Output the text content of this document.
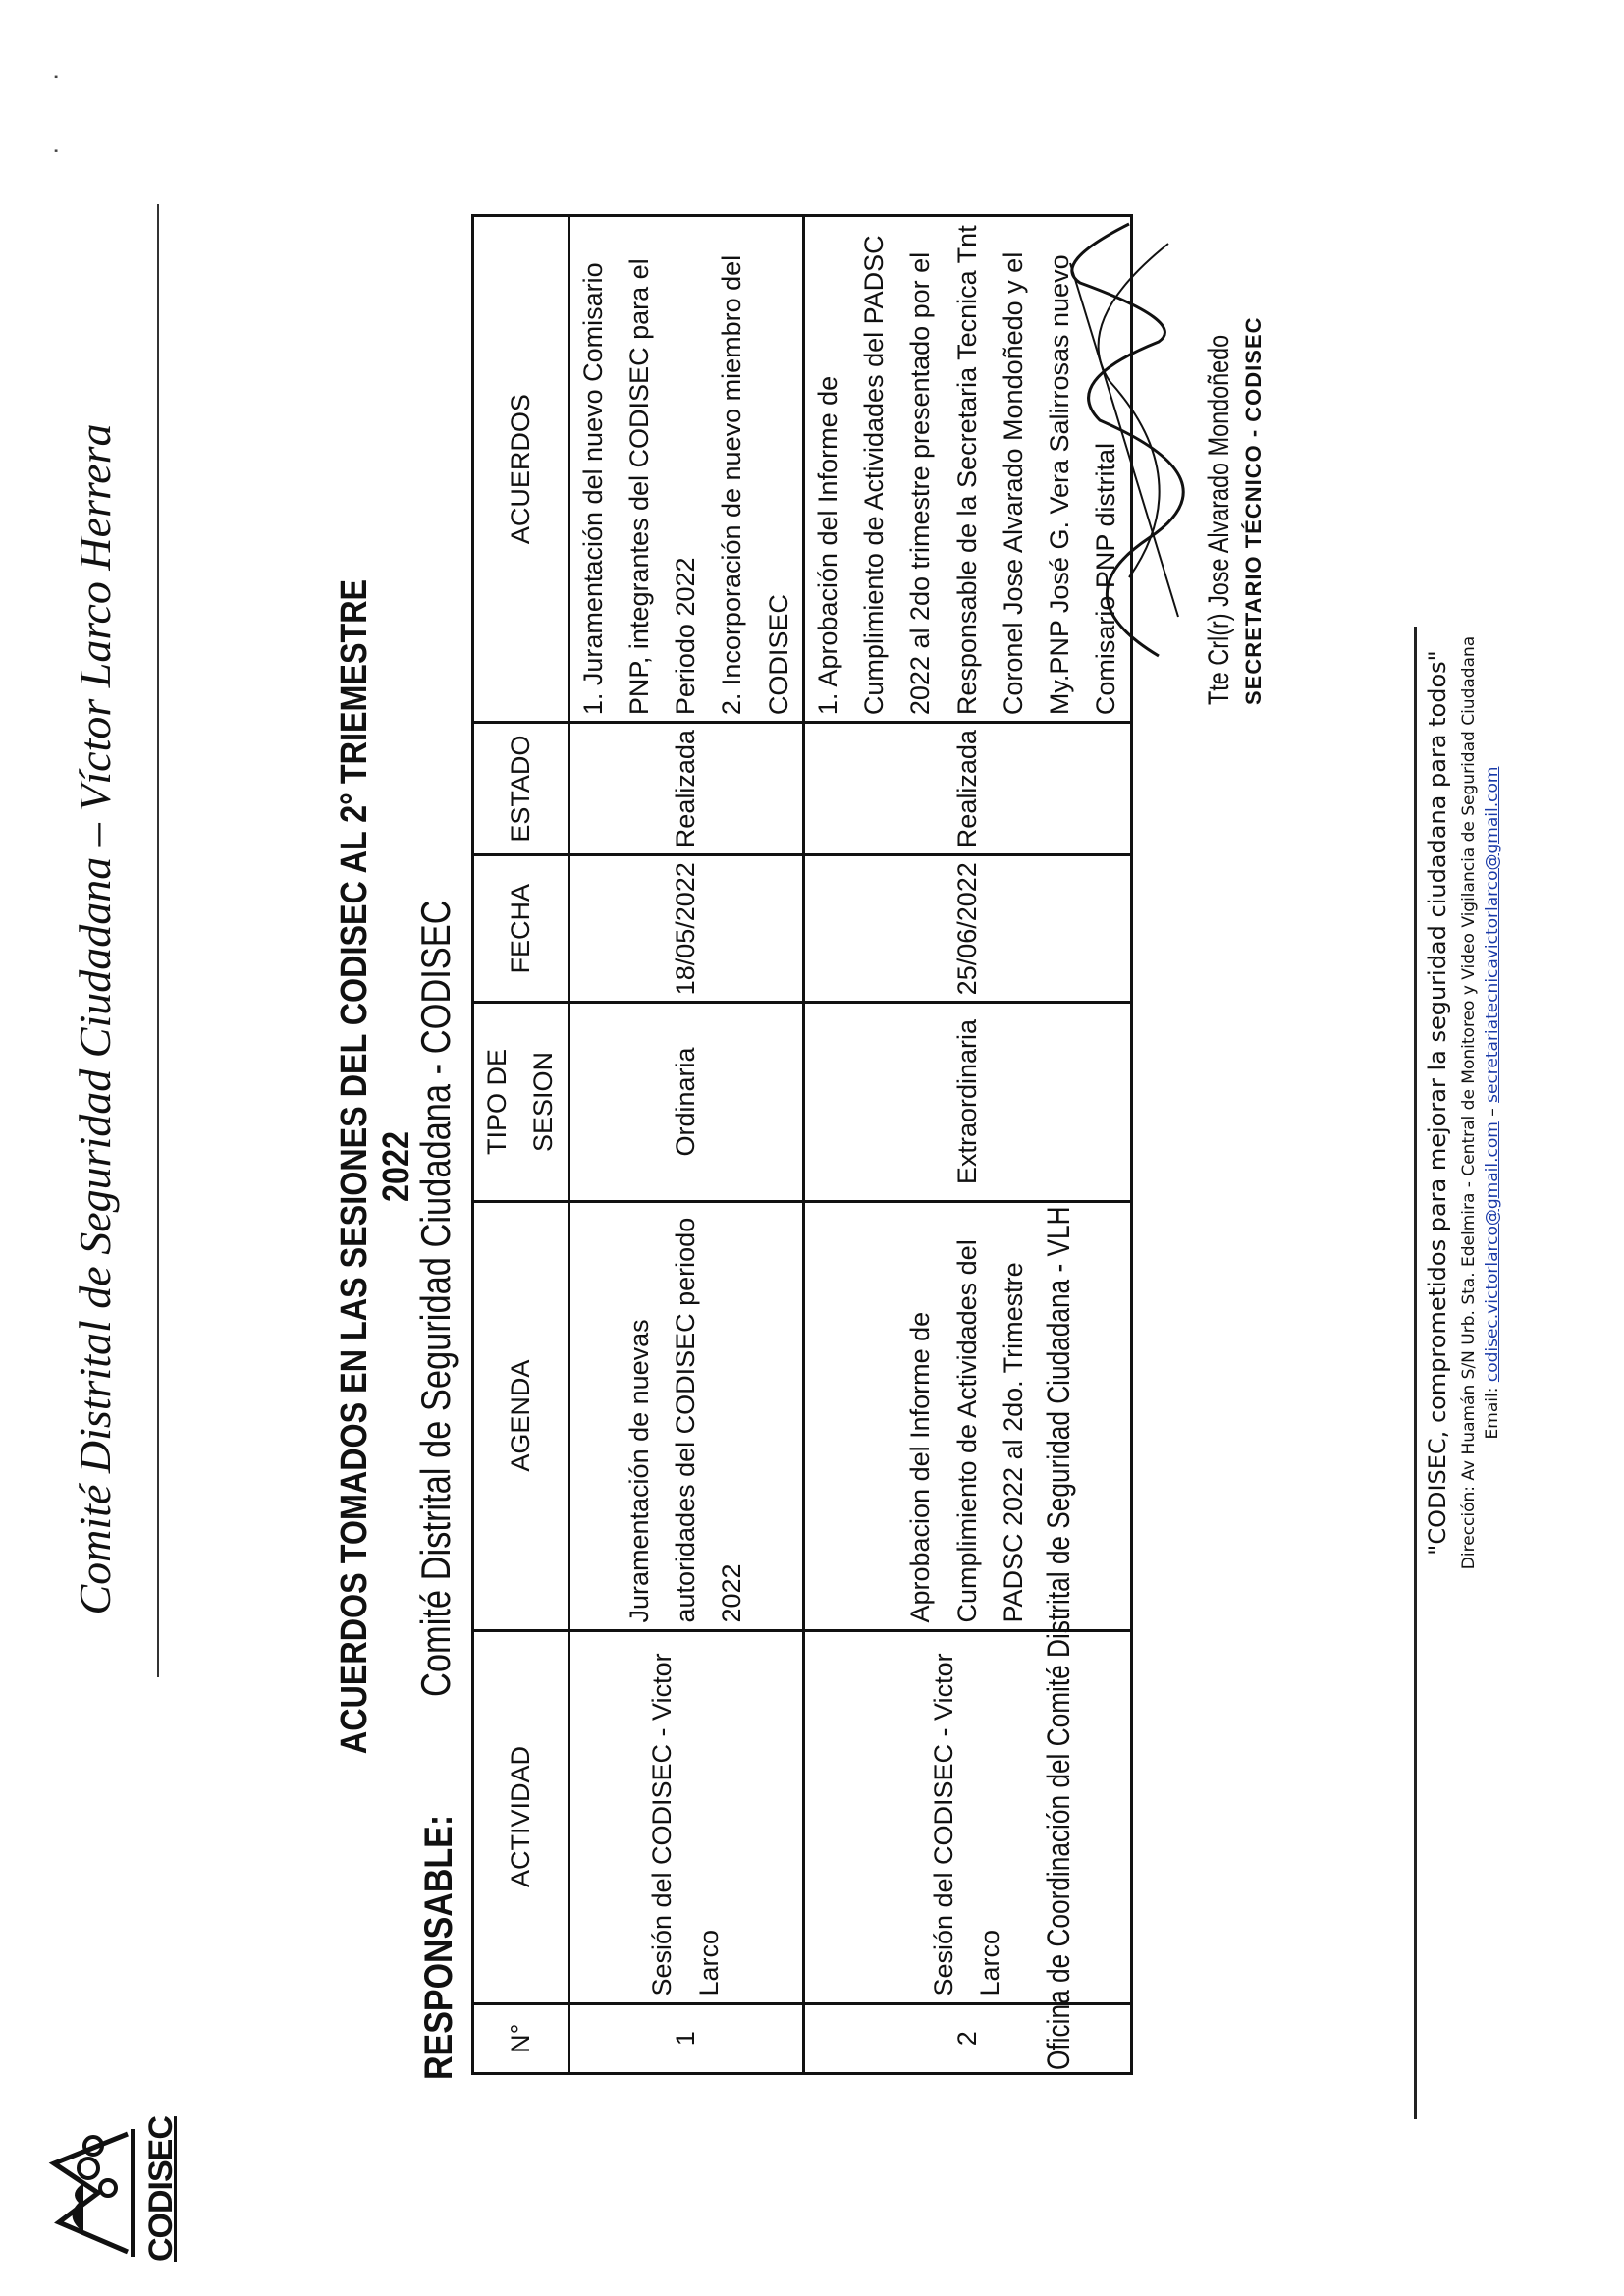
· ·
CODISEC
Comité Distrital de Seguridad Ciudadana – Víctor Larco Herrera	ACUERDOS TOMADOS EN LAS SESIONES DEL CODISEC AL 2° TRIEMESTRE 2022
RESPONSABLE:
Comité Distrital de Seguridad Ciudadana - CODISEC
N°	ACTIVIDAD	AGENDA	TIPO DE SESION	FECHA	ESTADO	ACUERDOS
1	Sesión del CODISEC - Victor Larco	Juramentación de nuevas autoridades del CODISEC periodo 2022	Ordinaria	18/05/2022	Realizada	1. Juramentación del nuevo Comisario PNP, integrantes del CODISEC para el Periodo 2022 2. Incorporación de nuevo miembro del CODISEC

2	Sesión del CODISEC - Victor Larco	Aprobacion del Informe de Cumplimiento de Actividades del PADSC 2022 al 2do. Trimestre	Extraordinaria	25/06/2022	Realizada	1. Aprobación del Informe de Cumplimiento de Actividades del PADSC 2022 al 2do trimestre presentado por el Responsable de la Secretaria Tecnica Tnt Coronel Jose Alvarado Mondoñedo y el My.PNP José G. Vera Salirrosas nuevo Comisario PNP distrital
Oficina de Coordinación del Comité Distrital de Seguridad Ciudadana - VLH
Tte Crl(r) Jose Alvarado Mondoñedo SECRETARIO TÉCNICO - CODISEC
"CODISEC, comprometidos para mejorar la seguridad ciudadana para todos" Dirección: Av Huamán S/N Urb. Sta. Edelmira - Central de Monitoreo y Video Vigilancia de Seguridad Ciudadana Email: codisec.victorlarco@gmail.com – secretariatecnicavictorlarco@gmail.com
